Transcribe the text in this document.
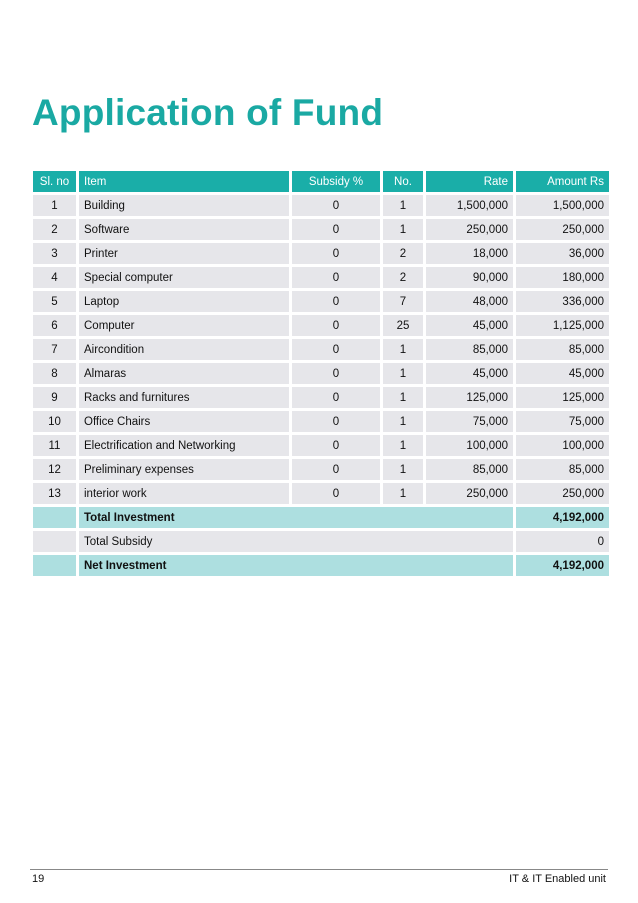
Application of Fund
Sl. no	Item	Subsidy %	No.	Rate	Amount Rs
1	Building	0	1	1,500,000	1,500,000
2	Software	0	1	250,000	250,000
3	Printer	0	2	18,000	36,000
4	Special computer	0	2	90,000	180,000
5	Laptop	0	7	48,000	336,000
6	Computer	0	25	45,000	1,125,000
7	Aircondition	0	1	85,000	85,000
8	Almaras	0	1	45,000	45,000
9	Racks and furnitures	0	1	125,000	125,000
10	Office Chairs	0	1	75,000	75,000
11	Electrification and Networking	0	1	100,000	100,000
12	Preliminary expenses	0	1	85,000	85,000
13	interior work	0	1	250,000	250,000
	Total Investment				4,192,000
	Total Subsidy				0
	Net Investment				4,192,000
19	IT & IT Enabled unit
